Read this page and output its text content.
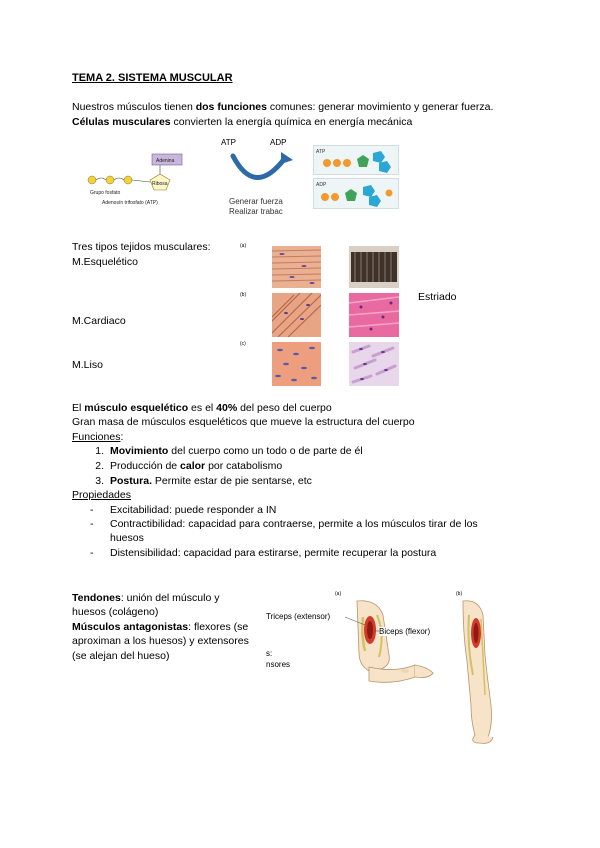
TEMA 2. SISTEMA MUSCULAR
Nuestros músculos tienen dos funciones comunes: generar movimiento y generar fuerza.
Células musculares convierten la energía química en energía mecánica
Adenina
Ribosa
Grupo fosfato
Adenosín trifosfato (ATP)
ATP	ADP
Generar fuerza
Realizar trabac
ATP
ADP
Tres tipos tejidos musculares:
M.Esquelético
M.Cardiaco
M.Liso
Estriado
(a)
(b)
(c)
El músculo esquelético es el 40% del peso del cuerpo
Gran masa de músculos esqueléticos que mueve la estructura del cuerpo
Funciones:
1. Movimiento del cuerpo como un todo o de parte de él
2. Producción de calor por catabolismo
3. Postura. Permite estar de pie sentarse, etc
Propiedades
- Excitabilidad: puede responder a IN
- Contractibilidad: capacidad para contraerse, permite a los músculos tirar de los
huesos
- Distensibilidad: capacidad para estirarse, permite recuperar la postura
Tendones: unión del músculo y
huesos (colágeno)
Músculos antagonistas: flexores (se
aproximan a los huesos) y extensores
(se alejan del hueso)
(a)	(b)
Triceps (extensor)
Biceps (flexor)
s:
nsores
